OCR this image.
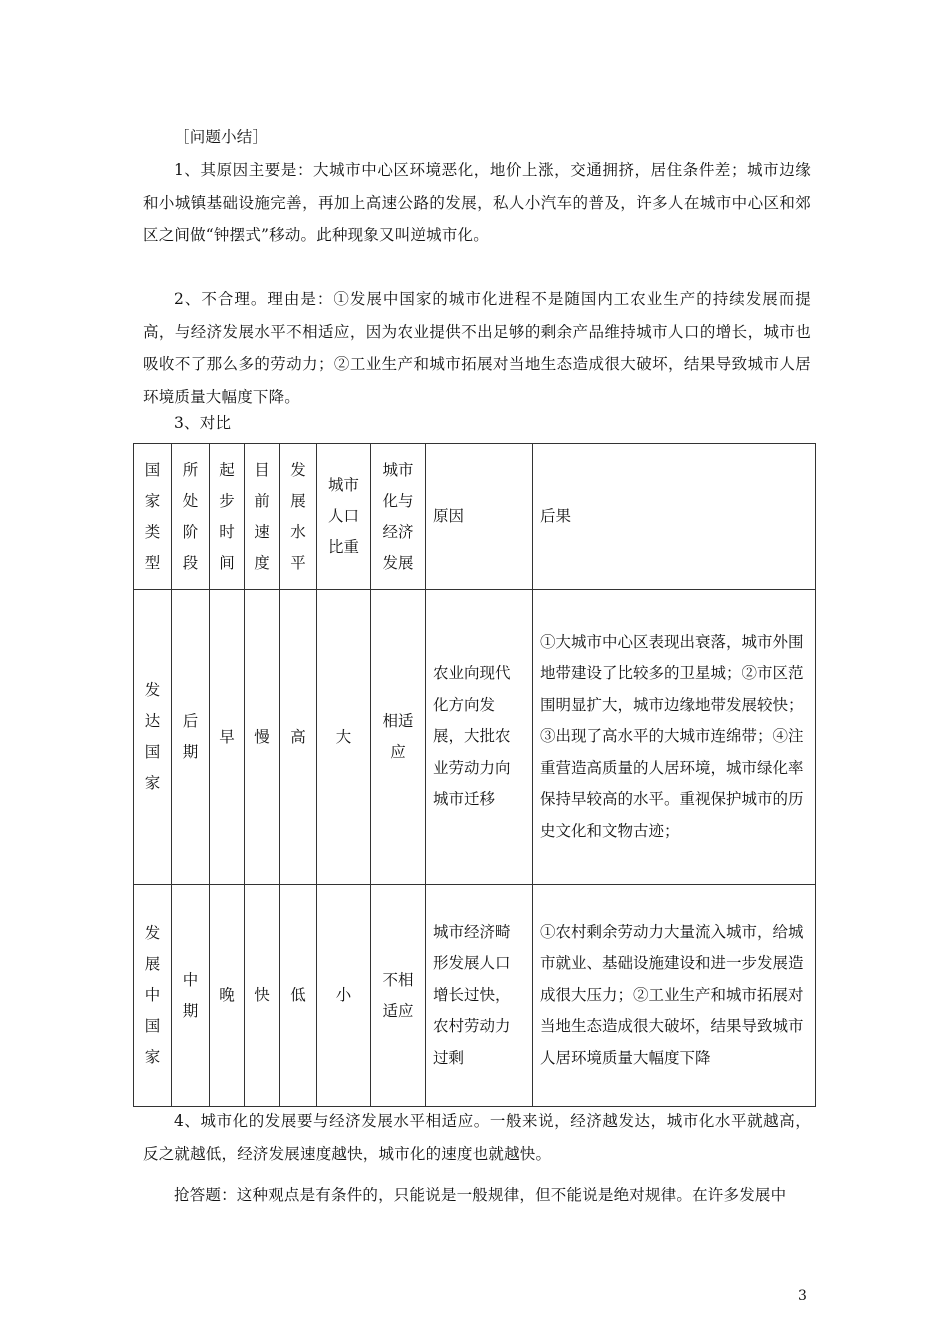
［问题小结］
1、其原因主要是：大城市中心区环境恶化，地价上涨，交通拥挤，居住条件差；城市边缘和小城镇基础设施完善，再加上高速公路的发展，私人小汽车的普及，许多人在城市中心区和郊区之间做“钟摆式”移动。此种现象又叫逆城市化。
2、不合理。理由是：①发展中国家的城市化进程不是随国内工农业生产的持续发展而提高，与经济发展水平不相适应，因为农业提供不出足够的剩余产品维持城市人口的增长，城市也吸收不了那么多的劳动力；②工业生产和城市拓展对当地生态造成很大破坏，结果导致城市人居环境质量大幅度下降。
3、对比
国家类型	所处阶段	起步时间	目前速度	发展水平	城市人口比重	城市化与经济发展	原因	后果

发达国家	后期	早	慢	高	大	相适应	农业向现代化方向发展，大批农业劳动力向城市迁移	①大城市中心区表现出衰落，城市外围地带建设了比较多的卫星城；②市区范围明显扩大，城市边缘地带发展较快；③出现了高水平的大城市连绵带；④注重营造高质量的人居环境，城市绿化率保持早较高的水平。重视保护城市的历史文化和文物古迹；

发展中国家	中期	晚	快	低	小	不相适应	城市经济畸形发展人口增长过快，农村劳动力过剩	①农村剩余劳动力大量流入城市，给城市就业、基础设施建设和进一步发展造成很大压力；②工业生产和城市拓展对当地生态造成很大破坏，结果导致城市人居环境质量大幅度下降
4、城市化的发展要与经济发展水平相适应。一般来说，经济越发达，城市化水平就越高，反之就越低，经济发展速度越快，城市化的速度也就越快。
抢答题：这种观点是有条件的，只能说是一般规律，但不能说是绝对规律。在许多发展中
3
